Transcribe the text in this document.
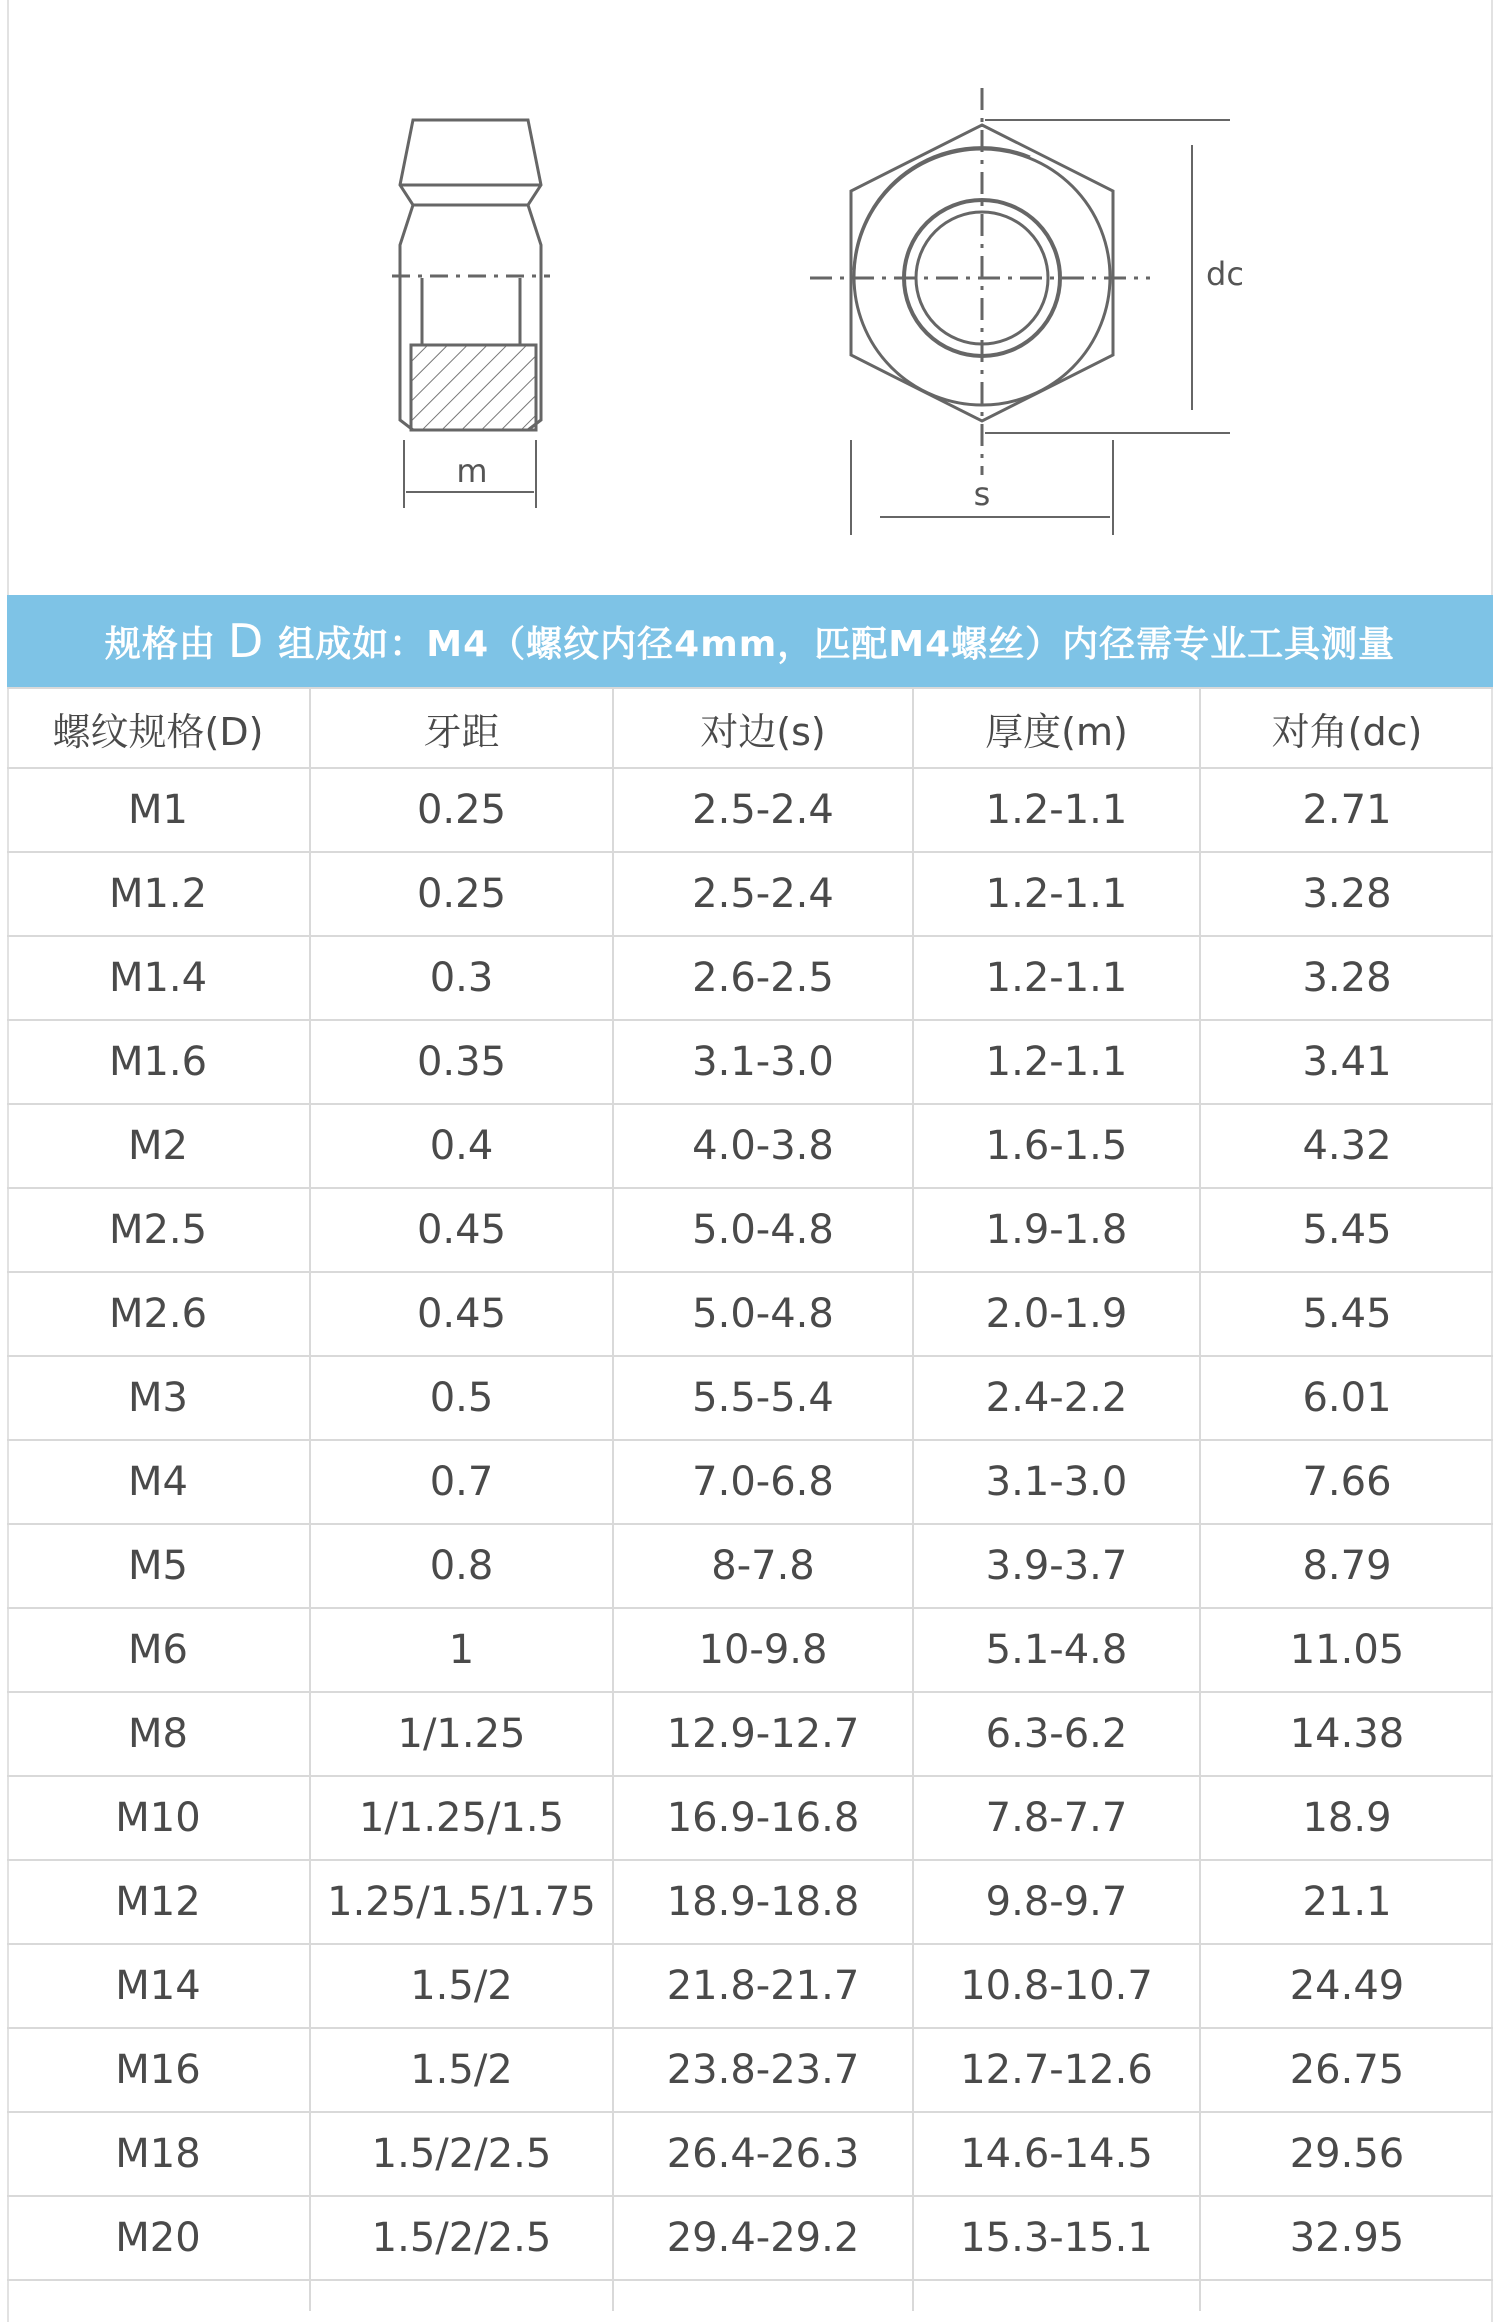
m
dc
s
规格由 D 组成如：M4（螺纹内径4mm，匹配M4螺丝）内径需专业工具测量
螺纹规格(D)	牙距	对边(s)	厚度(m)	对角(dc)
M1	0.25	2.5-2.4	1.2-1.1	2.71
M1.2	0.25	2.5-2.4	1.2-1.1	3.28
M1.4	0.3	2.6-2.5	1.2-1.1	3.28
M1.6	0.35	3.1-3.0	1.2-1.1	3.41
M2	0.4	4.0-3.8	1.6-1.5	4.32
M2.5	0.45	5.0-4.8	1.9-1.8	5.45
M2.6	0.45	5.0-4.8	2.0-1.9	5.45
M3	0.5	5.5-5.4	2.4-2.2	6.01
M4	0.7	7.0-6.8	3.1-3.0	7.66
M5	0.8	8-7.8	3.9-3.7	8.79
M6	1	10-9.8	5.1-4.8	11.05
M8	1/1.25	12.9-12.7	6.3-6.2	14.38
M10	1/1.25/1.5	16.9-16.8	7.8-7.7	18.9
M12	1.25/1.5/1.75	18.9-18.8	9.8-9.7	21.1
M14	1.5/2	21.8-21.7	10.8-10.7	24.49
M16	1.5/2	23.8-23.7	12.7-12.6	26.75
M18	1.5/2/2.5	26.4-26.3	14.6-14.5	29.56
M20	1.5/2/2.5	29.4-29.2	15.3-15.1	32.95
